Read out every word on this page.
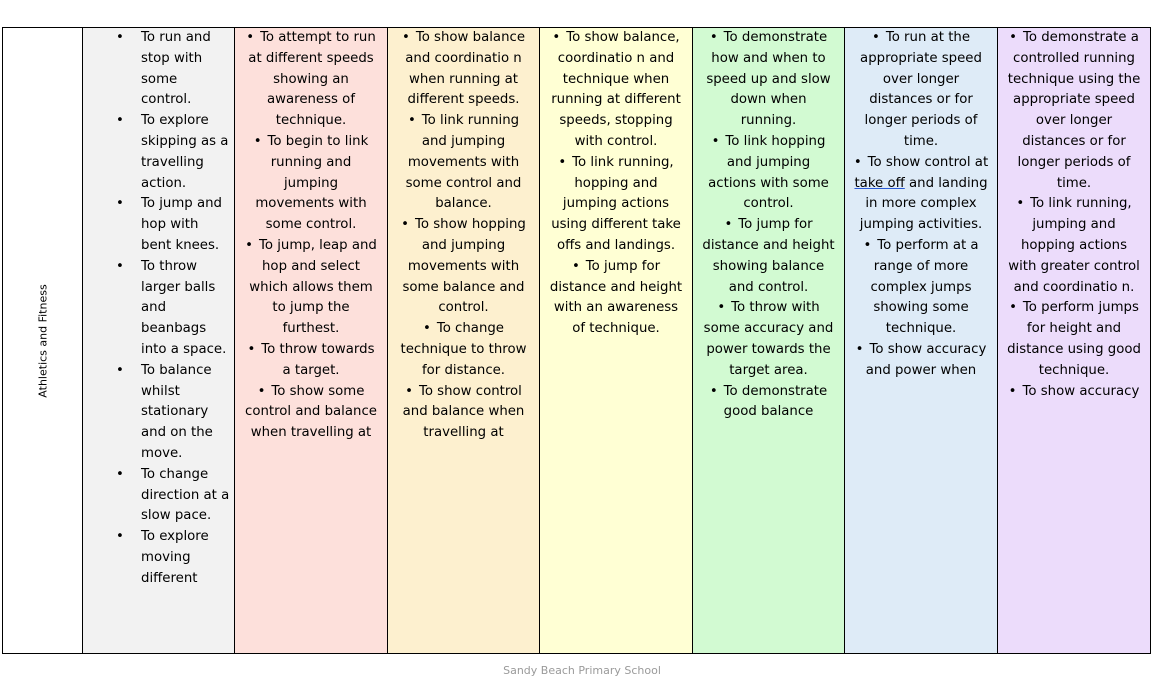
Athletics and Fitness

• To run and stop with some control.
• To explore skipping as a travelling action.
• To jump and hop with bent knees.
• To throw larger balls and beanbags into a space.
• To balance whilst stationary and on the move.
• To change direction at a slow pace.
• To explore moving different

• To attempt to run at different speeds showing an awareness of technique.
• To begin to link running and jumping movements with some control.
• To jump, leap and hop and select which allows them to jump the furthest.
• To throw towards a target.
• To show some control and balance when travelling at

• To show balance and coordinatio n when running at different speeds.
• To link running and jumping movements with some control and balance.
• To show hopping and jumping movements with some balance and control.
• To change technique to throw for distance.
• To show control and balance when travelling at

• To show balance, coordinatio n and technique when running at different speeds, stopping with control.
• To link running, hopping and jumping actions using different take offs and landings.
• To jump for distance and height with an awareness of technique.

• To demonstrate how and when to speed up and slow down when running.
• To link hopping and jumping actions with some control.
• To jump for distance and height showing balance and control.
• To throw with some accuracy and power towards the target area.
• To demonstrate good balance

• To run at the appropriate speed over longer distances or for longer periods of time.
• To show control at take off and landing in more complex jumping activities.
• To perform at a range of more complex jumps showing some technique.
• To show accuracy and power when

• To demonstrate a controlled running technique using the appropriate speed over longer distances or for longer periods of time.
• To link running, jumping and hopping actions with greater control and coordinatio n.
• To perform jumps for height and distance using good technique.
• To show accuracy
Sandy Beach Primary School
